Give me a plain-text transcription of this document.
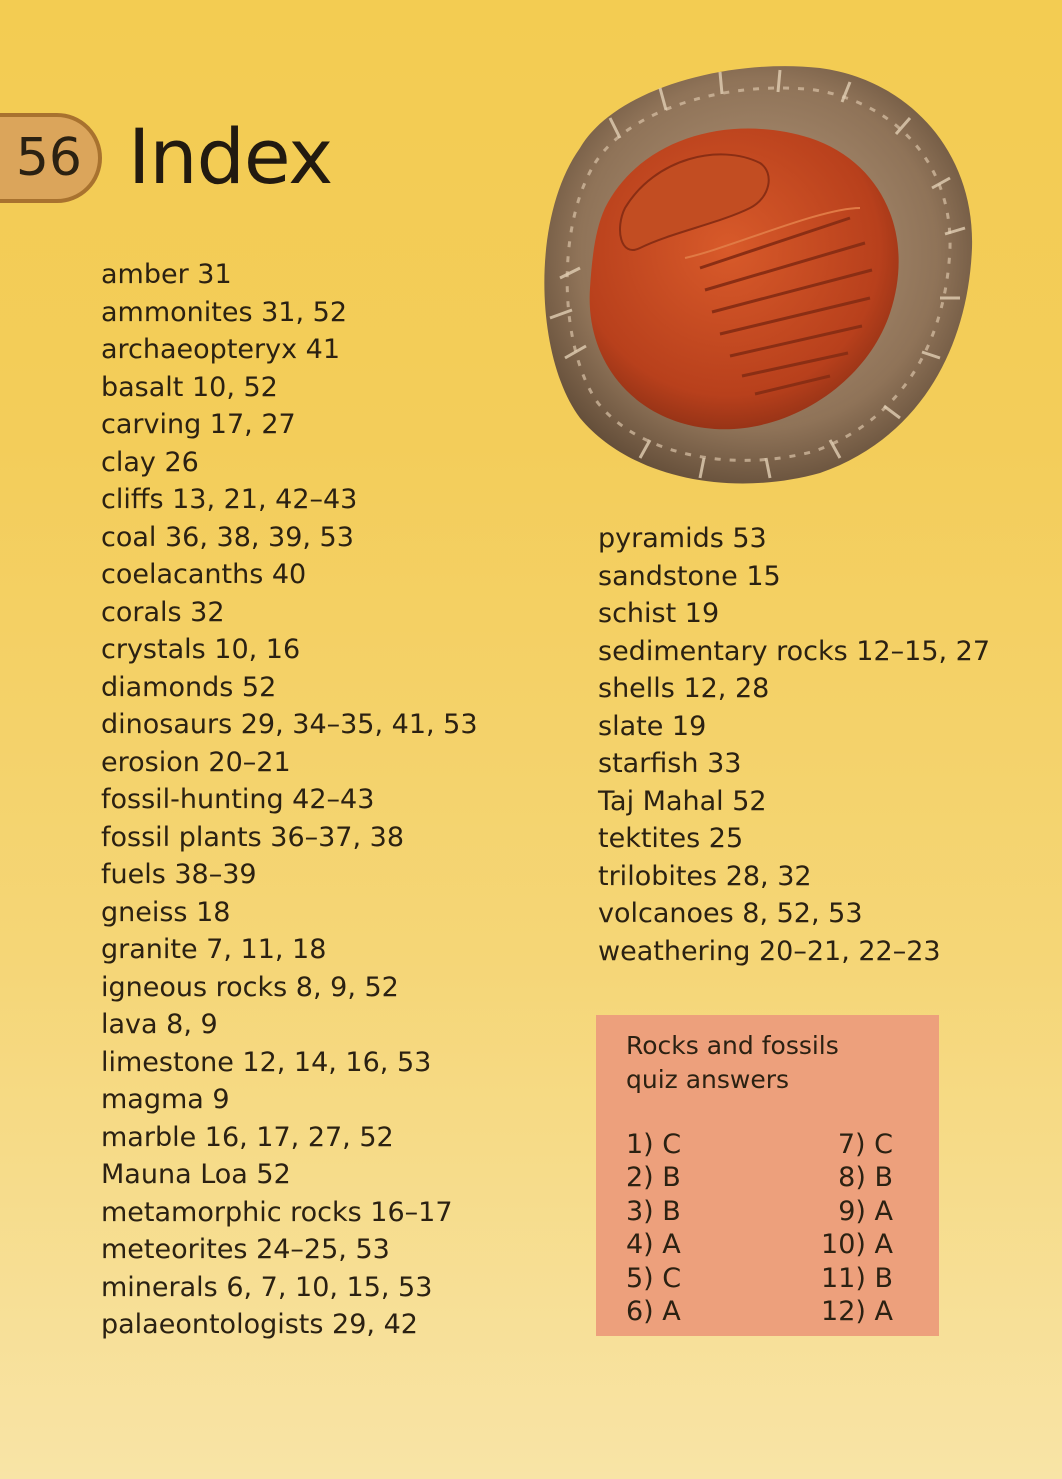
56 Index
amber 31
ammonites 31, 52
archaeopteryx 41
basalt 10, 52
carving 17, 27
clay 26
cliffs 13, 21, 42–43
coal 36, 38, 39, 53
coelacanths 40
corals 32
crystals 10, 16
diamonds 52
dinosaurs 29, 34–35, 41, 53
erosion 20–21
fossil-hunting 42–43
fossil plants 36–37, 38
fuels 38–39
gneiss 18
granite 7, 11, 18
igneous rocks 8, 9, 52
lava 8, 9
limestone 12, 14, 16, 53
magma 9
marble 16, 17, 27, 52
Mauna Loa 52
metamorphic rocks 16–17
meteorites 24–25, 53
minerals 6, 7, 10, 15, 53
palaeontologists 29, 42
pyramids 53
sandstone 15
schist 19
sedimentary rocks 12–15, 27
shells 12, 28
slate 19
starfish 33
Taj Mahal 52
tektites 25
trilobites 28, 32
volcanoes 8, 52, 53
weathering 20–21, 22–23

Rocks and fossils

quiz answers

1) C
2) B
3) B
4) A
5) C
6) A
7) C
8) B
9) A
10) A
11) B
12) A
